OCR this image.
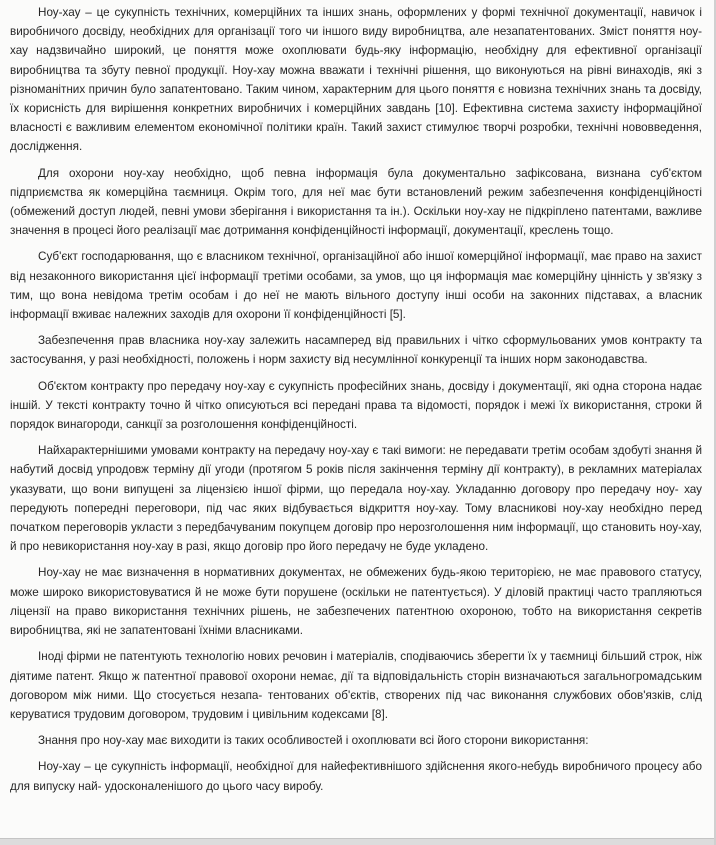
Ноу-хау – це сукупність технічних, комерційних та інших знань, оформлених у формі технічної документації, навичок і виробничого досвіду, необхідних для організації того чи іншого виду виробництва, але незапатентованих. Зміст поняття ноу-хау надзвичайно широкий, це поняття може охоплювати будь-яку інформацію, необхідну для ефективної організації виробництва та збуту певної продукції. Ноу-хау можна вважати і технічні рішення, що виконуються на рівні винаходів, які з різноманітних причин було запатентовано. Таким чином, характерним для цього поняття є новизна технічних знань та досвіду, їх корисність для вирішення конкретних виробничих і комерційних завдань [10]. Ефективна система захисту інформаційної власності є важливим елементом економічної політики країн. Такий захист стимулює творчі розробки, технічні нововведення, дослідження.

Для охорони ноу-хау необхідно, щоб певна інформація була документально зафіксована, визнана суб'єктом підприємства як комерційна таємниця. Окрім того, для неї має бути встановлений режим забезпечення конфіденційності (обмежений доступ людей, певні умови зберігання і використання та ін.). Оскільки ноу-хау не підкріплено патентами, важливе значення в процесі його реалізації має дотримання конфіденційності інформації, документації, креслень тощо.

Суб'єкт господарювання, що є власником технічної, організаційної або іншої комерційної інформації, має право на захист від незаконного використання цієї інформації третіми особами, за умов, що ця інформація має комерційну цінність у зв'язку з тим, що вона невідома третім особам і до неї не мають вільного доступу інші особи на законних підставах, а власник інформації вживає належних заходів для охорони її конфіденційності [5].

Забезпечення прав власника ноу-хау залежить насамперед від правильних і чітко сформульованих умов контракту та застосування, у разі необхідності, положень і норм захисту від несумлінної конкуренції та інших норм законодавства.

Об'єктом контракту про передачу ноу-хау є сукупність професійних знань, досвіду і документації, які одна сторона надає іншій. У тексті контракту точно й чітко описуються всі передані права та відомості, порядок і межі їх використання, строки й порядок винагороди, санкції за розголошення конфіденційності.

Найхарактернішими умовами контракту на передачу ноу-хау є такі вимоги: не передавати третім особам здобуті знання й набутий досвід упродовж терміну дії угоди (протягом 5 років після закінчення терміну дії контракту), в рекламних матеріалах указувати, що вони випущені за ліцензією іншої фірми, що передала ноу-хау. Укладанню договору про передачу ноу- хау передують попередні переговори, під час яких відбувається відкриття ноу-хау. Тому власникові ноу-хау необхідно перед початком переговорів укласти з передбачуваним покупцем договір про нерозголошення ним інформації, що становить ноу-хау, й про невикористання ноу-хау в разі, якщо договір про його передачу не буде укладено.

Ноу-хау не має визначення в нормативних документах, не обмежених будь-якою територією, не має правового статусу, може широко використовуватися й не може бути порушене (оскільки не патентується). У діловій практиці часто трапляються ліцензії на право використання технічних рішень, не забезпечених патентною охороною, тобто на використання секретів виробництва, які не запатентовані їхніми власниками.

Іноді фірми не патентують технологію нових речовин і матеріалів, сподіваючись зберегти їх у таємниці більший строк, ніж діятиме патент. Якщо ж патентної правової охорони немає, дії та відповідальність сторін визначаються загальногромадським договором між ними. Що стосується незапа- тентованих об'єктів, створених під час виконання службових обов'язків, слід керуватися трудовим договором, трудовим і цивільним кодексами [8].

Знання про ноу-хау має виходити із таких особливостей і охоплювати всі його сторони використання:

Ноу-хау – це сукупність інформації, необхідної для найефективнішого здійснення якого-небудь виробничого процесу або для випуску най- удосконаленішого до цього часу виробу.
